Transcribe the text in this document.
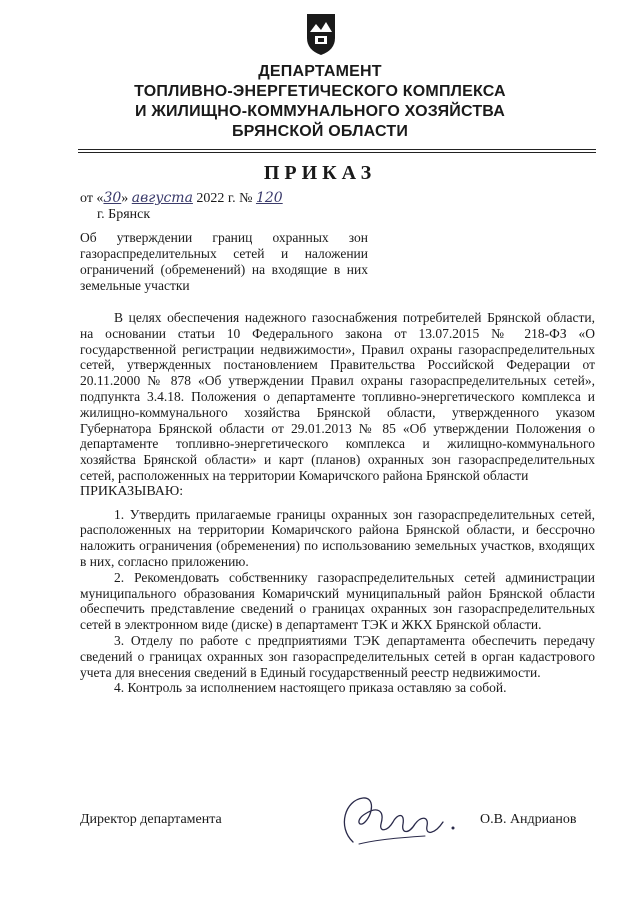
ДЕПАРТАМЕНТ
ТОПЛИВНО-ЭНЕРГЕТИЧЕСКОГО КОМПЛЕКСА
И ЖИЛИЩНО-КОММУНАЛЬНОГО ХОЗЯЙСТВА
БРЯНСКОЙ ОБЛАСТИ
ПРИКАЗ
от «30» августа 2022 г. № 120
г. Брянск
Об утверждении границ охранных зон газораспределительных сетей и наложении ограничений (обременений) на входящие в них земельные участки

В целях обеспечения надежного газоснабжения потребителей Брянской области, на основании статьи 10 Федерального закона от 13.07.2015 № 218-ФЗ «О государственной регистрации недвижимости», Правил охраны газораспределительных сетей, утвержденных постановлением Правительства Российской Федерации от 20.11.2000 № 878 «Об утверждении Правил охраны газораспределительных сетей», подпункта 3.4.18. Положения о департаменте топливно-энергетического комплекса и жилищно-коммунального хозяйства Брянской области, утвержденного указом Губернатора Брянской области от 29.01.2013 № 85 «Об утверждении Положения о департаменте топливно-энергетического комплекса и жилищно-коммунального хозяйства Брянской области» и карт (планов) охранных зон газораспределительных сетей, расположенных на территории Комаричского района Брянской области

ПРИКАЗЫВАЮ:

1. Утвердить прилагаемые границы охранных зон газораспределительных сетей, расположенных на территории Комаричского района Брянской области, и бессрочно наложить ограничения (обременения) по использованию земельных участков, входящих в них, согласно приложению.

2. Рекомендовать собственнику газораспределительных сетей администрации муниципального образования Комаричский муниципальный район Брянской области обеспечить представление сведений о границах охранных зон газораспределительных сетей в электронном виде (диске) в департамент ТЭК и ЖКХ Брянской области.

3. Отделу по работе с предприятиями ТЭК департамента обеспечить передачу сведений о границах охранных зон газораспределительных сетей в орган кадастрового учета для внесения сведений в Единый государственный реестр недвижимости.

4. Контроль за исполнением настоящего приказа оставляю за собой.

Директор департамента	О.В. Андрианов
